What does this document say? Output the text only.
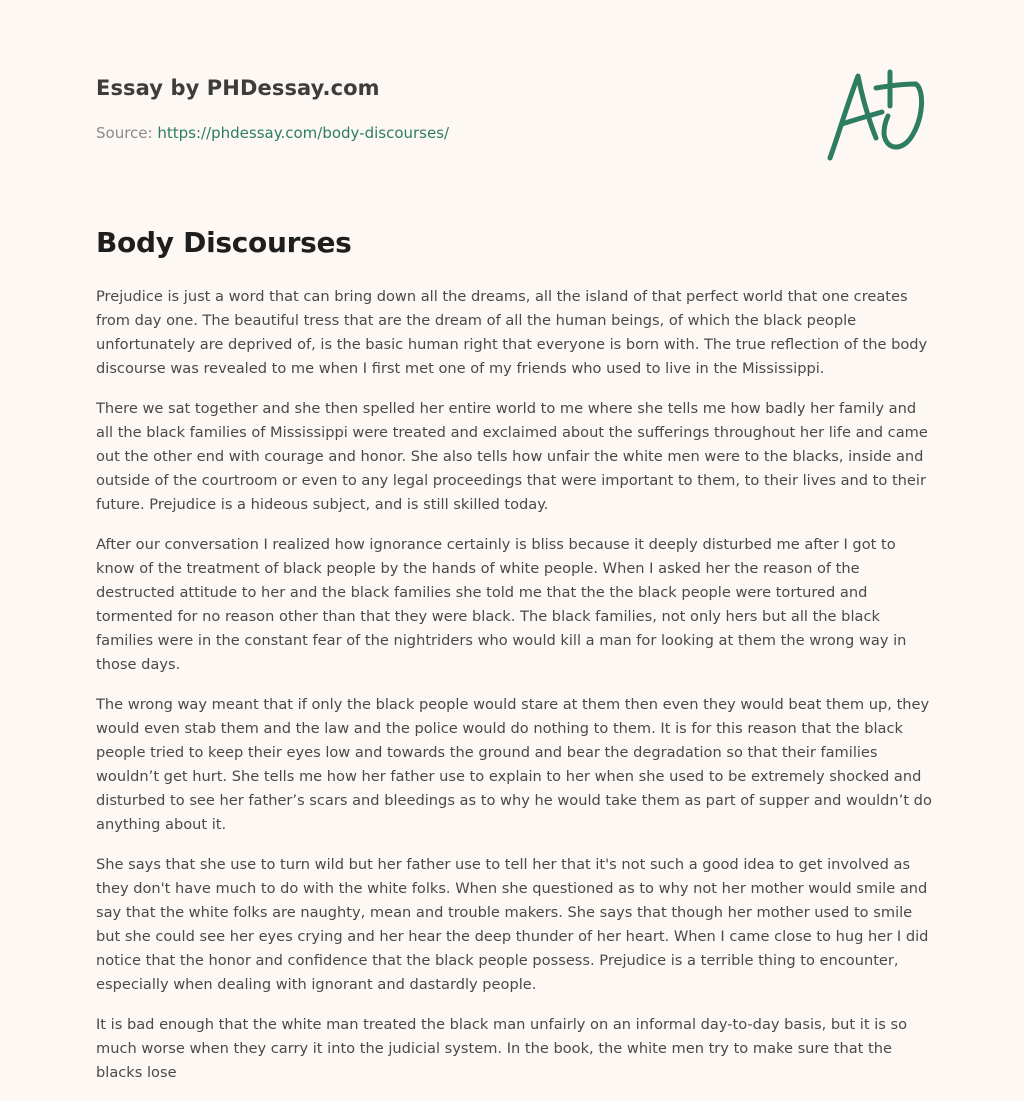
Essay by PHDessay.com

Source: https://phdessay.com/body-discourses/

Body Discourses

Prejudice is just a word that can bring down all the dreams, all the island of that perfect world that one creates from day one. The beautiful tress that are the dream of all the human beings, of which the black people unfortunately are deprived of, is the basic human right that everyone is born with. The true reflection of the body discourse was revealed to me when I first met one of my friends who used to live in the Mississippi.

There we sat together and she then spelled her entire world to me where she tells me how badly her family and all the black families of Mississippi were treated and exclaimed about the sufferings throughout her life and came out the other end with courage and honor. She also tells how unfair the white men were to the blacks, inside and outside of the courtroom or even to any legal proceedings that were important to them, to their lives and to their future. Prejudice is a hideous subject, and is still skilled today.

After our conversation I realized how ignorance certainly is bliss because it deeply disturbed me after I got to know of the treatment of black people by the hands of white people. When I asked her the reason of the destructed attitude to her and the black families she told me that the the black people were tortured and tormented for no reason other than that they were black. The black families, not only hers but all the black families were in the constant fear of the nightriders who would kill a man for looking at them the wrong way in those days.

The wrong way meant that if only the black people would stare at them then even they would beat them up, they would even stab them and the law and the police would do nothing to them. It is for this reason that the black people tried to keep their eyes low and towards the ground and bear the degradation so that their families wouldn’t get hurt. She tells me how her father use to explain to her when she used to be extremely shocked and disturbed to see her father’s scars and bleedings as to why he would take them as part of supper and wouldn’t do anything about it.

She says that she use to turn wild but her father use to tell her that it's not such a good idea to get involved as they don't have much to do with the white folks. When she questioned as to why not her mother would smile and say that the white folks are naughty, mean and trouble makers. She says that though her mother used to smile but she could see her eyes crying and her hear the deep thunder of her heart. When I came close to hug her I did notice that the honor and confidence that the black people possess. Prejudice is a terrible thing to encounter, especially when dealing with ignorant and dastardly people.

It is bad enough that the white man treated the black man unfairly on an informal day-to-day basis, but it is so much worse when they carry it into the judicial system. In the book, the white men try to make sure that the blacks lose
